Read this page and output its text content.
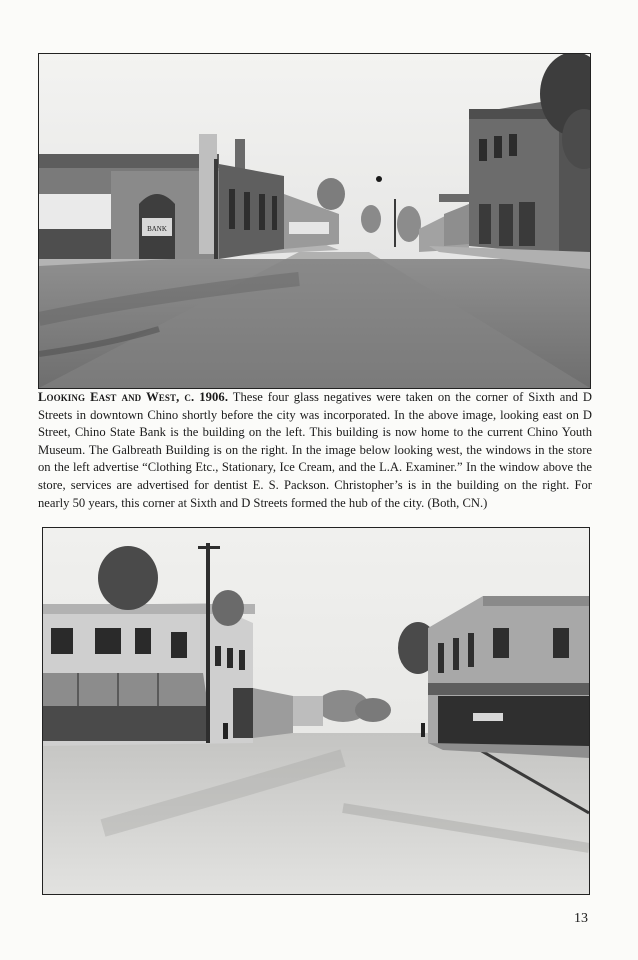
BANK
Looking East and West, c. 1906. These four glass negatives were taken on the corner of Sixth and D Streets in downtown Chino shortly before the city was incorporated. In the above image, looking east on D Street, Chino State Bank is the building on the left. This building is now home to the current Chino Youth Museum. The Galbreath Building is on the right. In the image below looking west, the windows in the store on the left advertise “Clothing Etc., Stationary, Ice Cream, and the L.A. Examiner.” In the window above the store, services are advertised for dentist E. S. Packson. Christopher’s is in the building on the right. For nearly 50 years, this corner at Sixth and D Streets formed the hub of the city. (Both, CN.)
13
